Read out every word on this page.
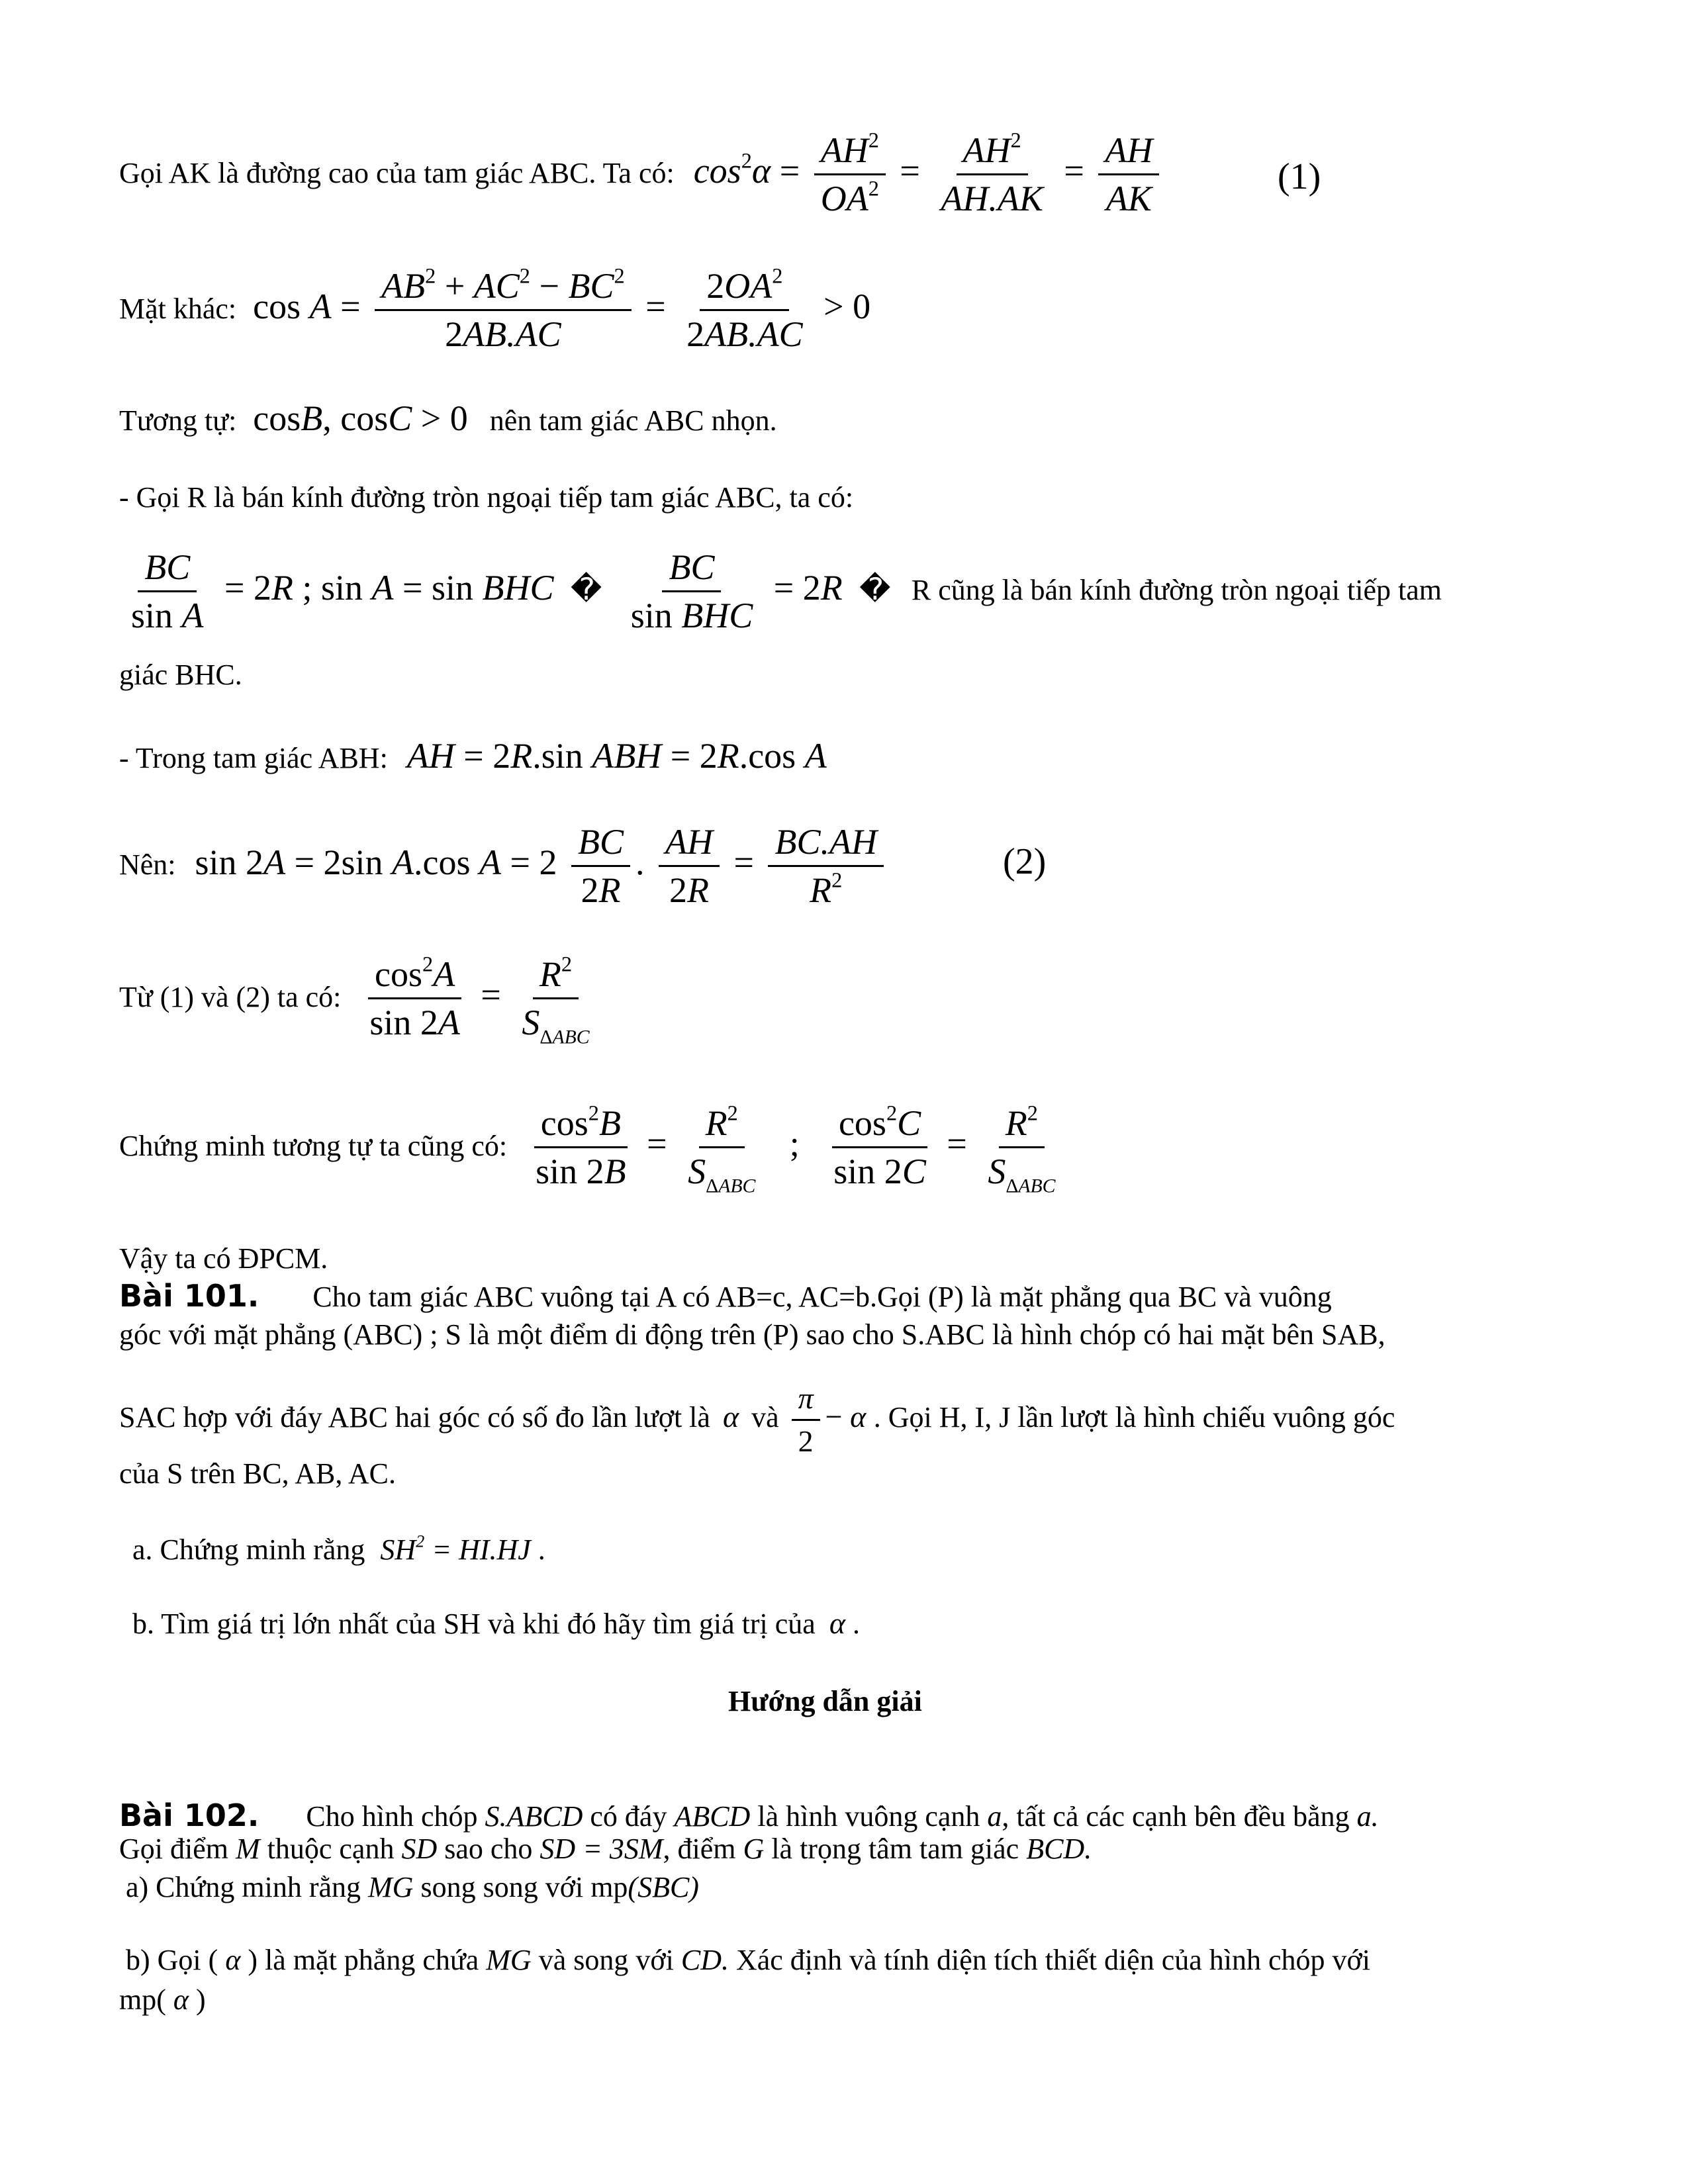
Gọi AK là đường cao của tam giác ABC. Ta có: $\cos^2\alpha = \frac{AH^2}{OA^2} = \frac{AH^2}{AH.AK} = \frac{AH}{AK}$	(1)
Mặt khác: $\cos A = \frac{AB^2 + AC^2 - BC^2}{2AB.AC} = \frac{2OA^2}{2AB.AC} > 0$
Tương tự: cosB, cosC > 0 nên tam giác ABC nhọn.
- Gọi R là bán kính đường tròn ngoại tiếp tam giác ABC, ta có:
$\frac{BC}{\text{sin A}} = 2R$ ; sin A = sin BHC � $\frac{BC}{\text{sin BHC}} = 2R$ � R cũng là bán kính đường tròn ngoại tiếp tam
giác BHC.
- Trong tam giác ABH: AH = 2R.sin ABH = 2R.cos A
Nên: sin 2A = 2sin A.cos $A = 2 \frac{BC}{2R}$ . $\frac{AH}{2R} = \frac{BC.AH}{R^2}$	(2)
Từ (1) và (2) ta có: $\frac{\cos^2A}{\sin 2A} = \frac{R^2}{S_{\Delta ABC}}$
Chứng minh tương tự ta cũng có: $\frac{\cos^2B}{\sin 2B} = \frac{R^2}{S_{\Delta ABC}}$ ; $\frac{\cos^2C}{\sin 2C} = \frac{R^2}{S_{\Delta ABC}}$
Vậy ta có ĐPCM.
Bài 101. Cho tam giác ABC vuông tại A có AB=c, AC=b.Gọi (P) là mặt phẳng qua BC và vuông
góc với mặt phẳng (ABC) ; S là một điểm di động trên (P) sao cho S.ABC là hình chóp có hai mặt bên SAB,
SAC hợp với đáy ABC hai góc có số đo lần lượt là α và $\frac{\pi}{2} - \alpha$ . Gọi H, I, J lần lượt là hình chiếu vuông góc
của S trên BC, AB, AC.
a. Chứng minh rằng $SH^2 = HI.HJ$ .
b. Tìm giá trị lớn nhất của SH và khi đó hãy tìm giá trị của α .
Hướng dẫn giải
Bài 102. Cho hình chóp S.ABCD có đáy ABCD là hình vuông cạnh a, tất cả các cạnh bên đều bằng a.
Gọi điểm M thuộc cạnh SD sao cho SD = 3SM, điểm G là trọng tâm tam giác BCD.
a) Chứng minh rằng MG song song với mp(SBC)
b) Gọi ( α ) là mặt phẳng chứa MG và song với CD. Xác định và tính diện tích thiết diện của hình chóp với
mp( α )
